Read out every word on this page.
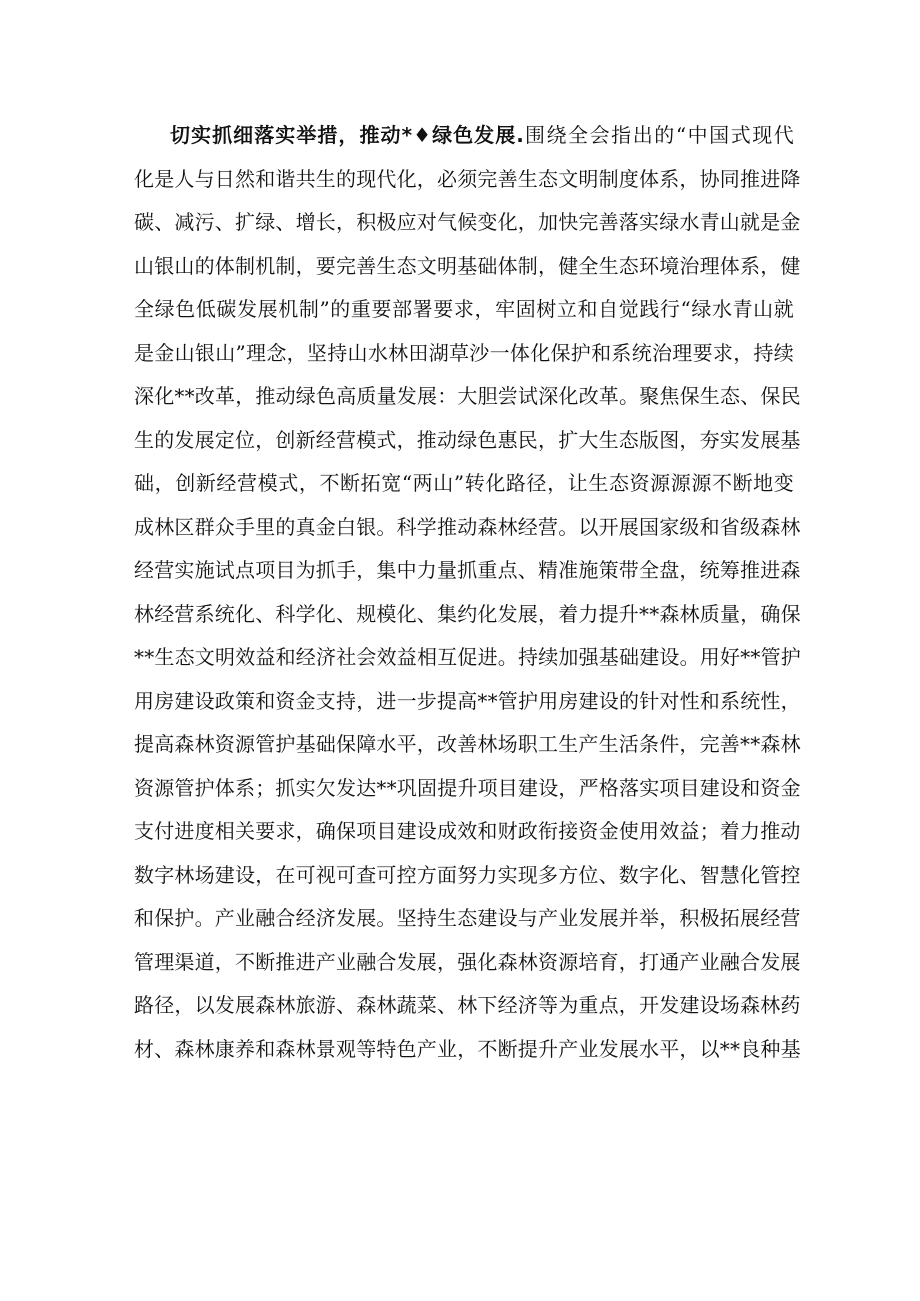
切实抓细落实举措，推动*♦绿色发展.围绕全会指出的“中国式现代
化是人与日然和谐共生的现代化，必须完善生态文明制度体系，协同推进降
碳、减污、扩绿、增长，积极应对气候变化，加快完善落实绿水青山就是金
山银山的体制机制，要完善生态文明基础体制，健全生态环境治理体系，健
全绿色低碳发展机制”的重要部署要求，牢固树立和自觉践行“绿水青山就
是金山银山”理念，坚持山水林田湖草沙一体化保护和系统治理要求，持续
深化**改革，推动绿色高质量发展：大胆尝试深化改革。聚焦保生态、保民
生的发展定位，创新经营模式，推动绿色惠民，扩大生态版图，夯实发展基
础，创新经营模式，不断拓宽“两山”转化路径，让生态资源源源不断地变
成林区群众手里的真金白银。科学推动森林经营。以开展国家级和省级森林
经营实施试点项目为抓手，集中力量抓重点、精准施策带全盘，统筹推进森
林经营系统化、科学化、规模化、集约化发展，着力提升**森林质量，确保
**生态文明效益和经济社会效益相互促进。持续加强基础建设。用好**管护
用房建设政策和资金支持，进一步提高**管护用房建设的针对性和系统性，
提高森林资源管护基础保障水平，改善林场职工生产生活条件，完善**森林
资源管护体系；抓实欠发达**巩固提升项目建设，严格落实项目建设和资金
支付进度相关要求，确保项目建设成效和财政衔接资金使用效益；着力推动
数字林场建设，在可视可查可控方面努力实现多方位、数字化、智慧化管控
和保护。产业融合经济发展。坚持生态建设与产业发展并举，积极拓展经营
管理渠道，不断推进产业融合发展，强化森林资源培育，打通产业融合发展
路径，以发展森林旅游、森林蔬菜、林下经济等为重点，开发建设场森林药
材、森林康养和森林景观等特色产业，不断提升产业发展水平，以**良种基
